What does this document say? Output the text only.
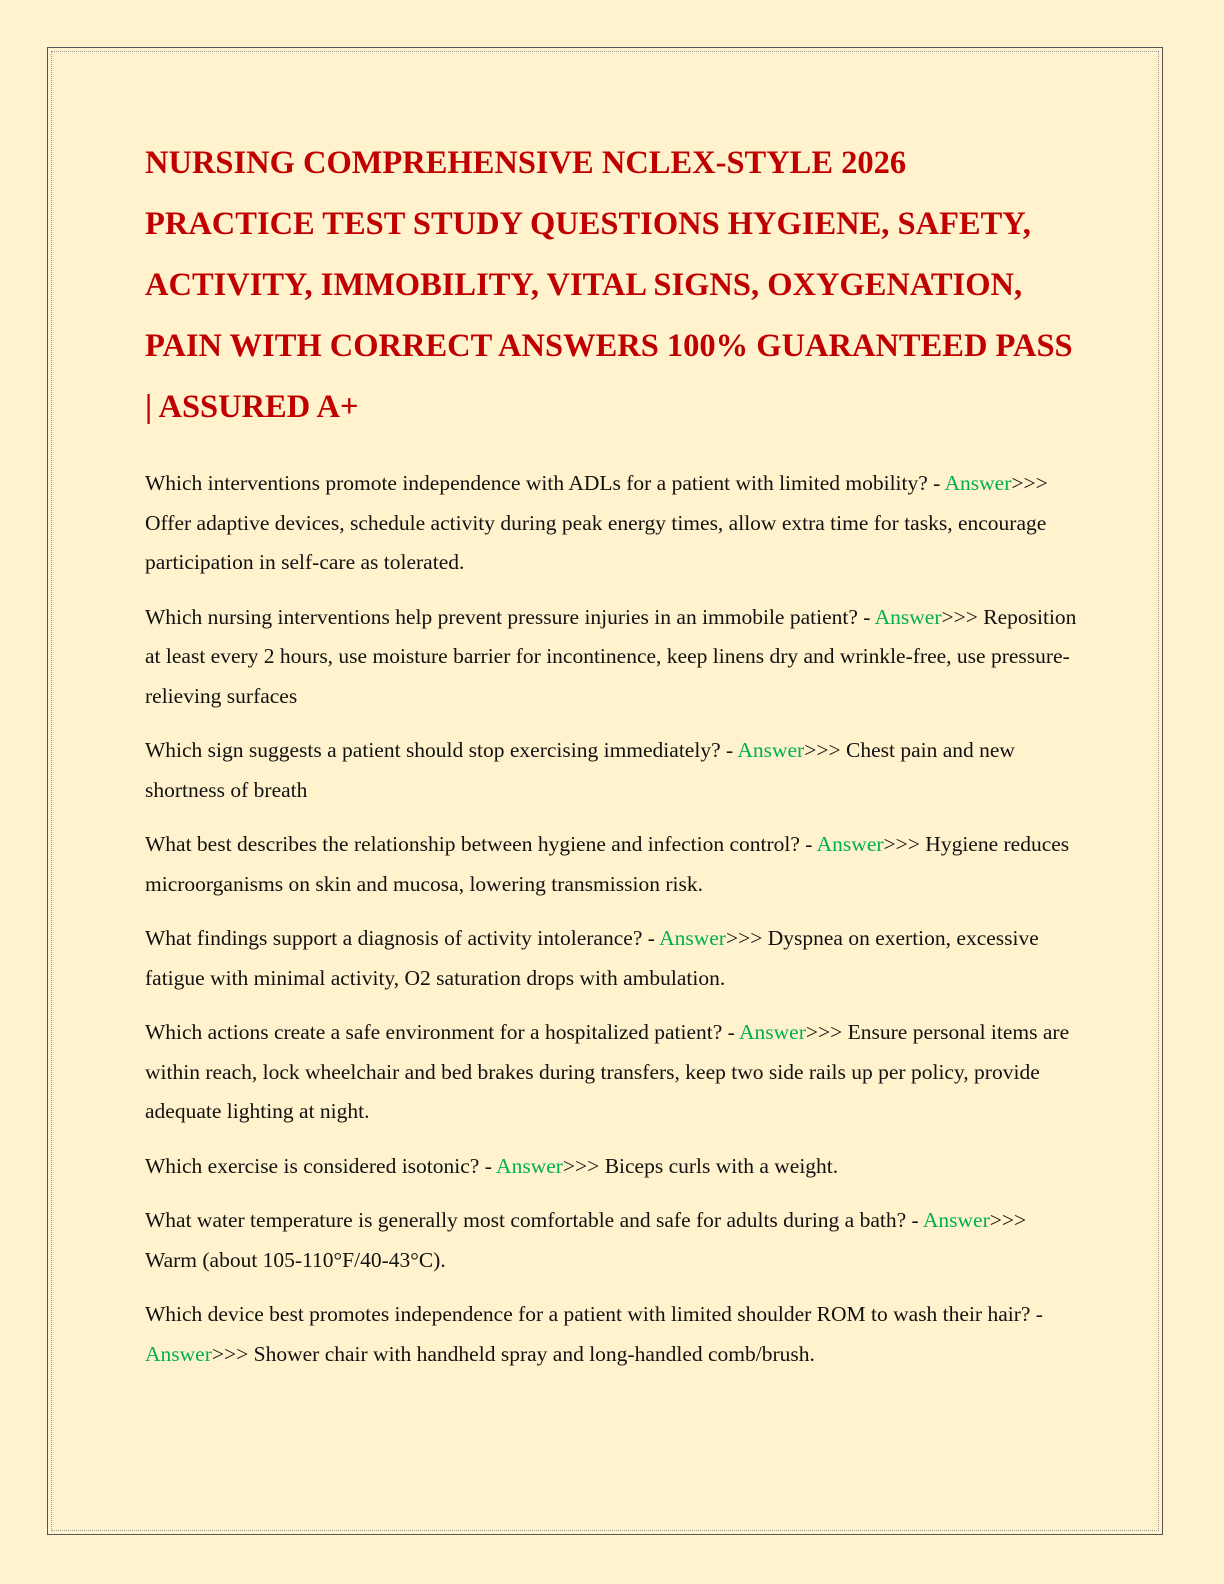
NURSING COMPREHENSIVE NCLEX-STYLE 2026 PRACTICE TEST STUDY QUESTIONS HYGIENE, SAFETY, ACTIVITY, IMMOBILITY, VITAL SIGNS, OXYGENATION, PAIN WITH CORRECT ANSWERS 100% GUARANTEED PASS | ASSURED A+

Which interventions promote independence with ADLs for a patient with limited mobility? - Answer>>> Offer adaptive devices, schedule activity during peak energy times, allow extra time for tasks, encourage participation in self-care as tolerated.

Which nursing interventions help prevent pressure injuries in an immobile patient? - Answer>>> Reposition at least every 2 hours, use moisture barrier for incontinence, keep linens dry and wrinkle-free, use pressure-relieving surfaces

Which sign suggests a patient should stop exercising immediately? - Answer>>> Chest pain and new shortness of breath

What best describes the relationship between hygiene and infection control? - Answer>>> Hygiene reduces microorganisms on skin and mucosa, lowering transmission risk.

What findings support a diagnosis of activity intolerance? - Answer>>> Dyspnea on exertion, excessive fatigue with minimal activity, O2 saturation drops with ambulation.

Which actions create a safe environment for a hospitalized patient? - Answer>>> Ensure personal items are within reach, lock wheelchair and bed brakes during transfers, keep two side rails up per policy, provide adequate lighting at night.

Which exercise is considered isotonic? - Answer>>> Biceps curls with a weight.

What water temperature is generally most comfortable and safe for adults during a bath? - Answer>>> Warm (about 105-110°F/40-43°C).

Which device best promotes independence for a patient with limited shoulder ROM to wash their hair? - Answer>>> Shower chair with handheld spray and long-handled comb/brush.
